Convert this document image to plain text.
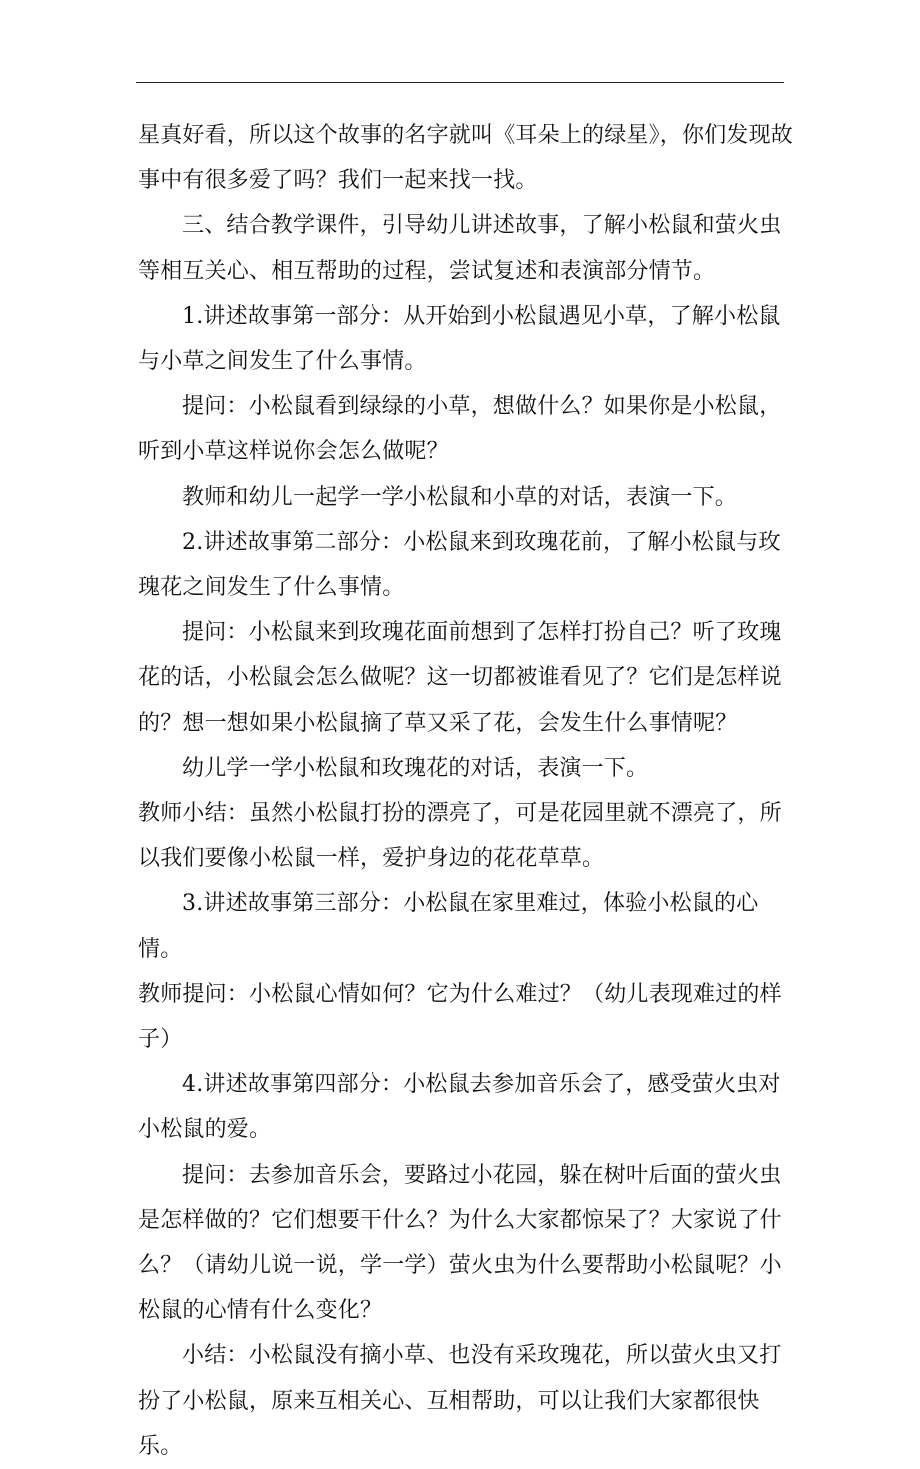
星真好看，所以这个故事的名字就叫《耳朵上的绿星》，你们发现故事中有很多爱了吗？我们一起来找一找。

三、结合教学课件，引导幼儿讲述故事，了解小松鼠和萤火虫等相互关心、相互帮助的过程，尝试复述和表演部分情节。

1.讲述故事第一部分：从开始到小松鼠遇见小草，了解小松鼠与小草之间发生了什么事情。

提问：小松鼠看到绿绿的小草，想做什么？如果你是小松鼠，听到小草这样说你会怎么做呢？

教师和幼儿一起学一学小松鼠和小草的对话，表演一下。

2.讲述故事第二部分：小松鼠来到玫瑰花前，了解小松鼠与玫瑰花之间发生了什么事情。

提问：小松鼠来到玫瑰花面前想到了怎样打扮自己？听了玫瑰花的话，小松鼠会怎么做呢？这一切都被谁看见了？它们是怎样说的？想一想如果小松鼠摘了草又采了花，会发生什么事情呢？

幼儿学一学小松鼠和玫瑰花的对话，表演一下。

教师小结：虽然小松鼠打扮的漂亮了，可是花园里就不漂亮了，所以我们要像小松鼠一样，爱护身边的花花草草。

3.讲述故事第三部分：小松鼠在家里难过，体验小松鼠的心情。

教师提问：小松鼠心情如何？它为什么难过？（幼儿表现难过的样子）

4.讲述故事第四部分：小松鼠去参加音乐会了，感受萤火虫对小松鼠的爱。

提问：去参加音乐会，要路过小花园，躲在树叶后面的萤火虫是怎样做的？它们想要干什么？为什么大家都惊呆了？大家说了什么？（请幼儿说一说，学一学）萤火虫为什么要帮助小松鼠呢？小松鼠的心情有什么变化？

小结：小松鼠没有摘小草、也没有采玫瑰花，所以萤火虫又打扮了小松鼠，原来互相关心、互相帮助，可以让我们大家都很快乐。
